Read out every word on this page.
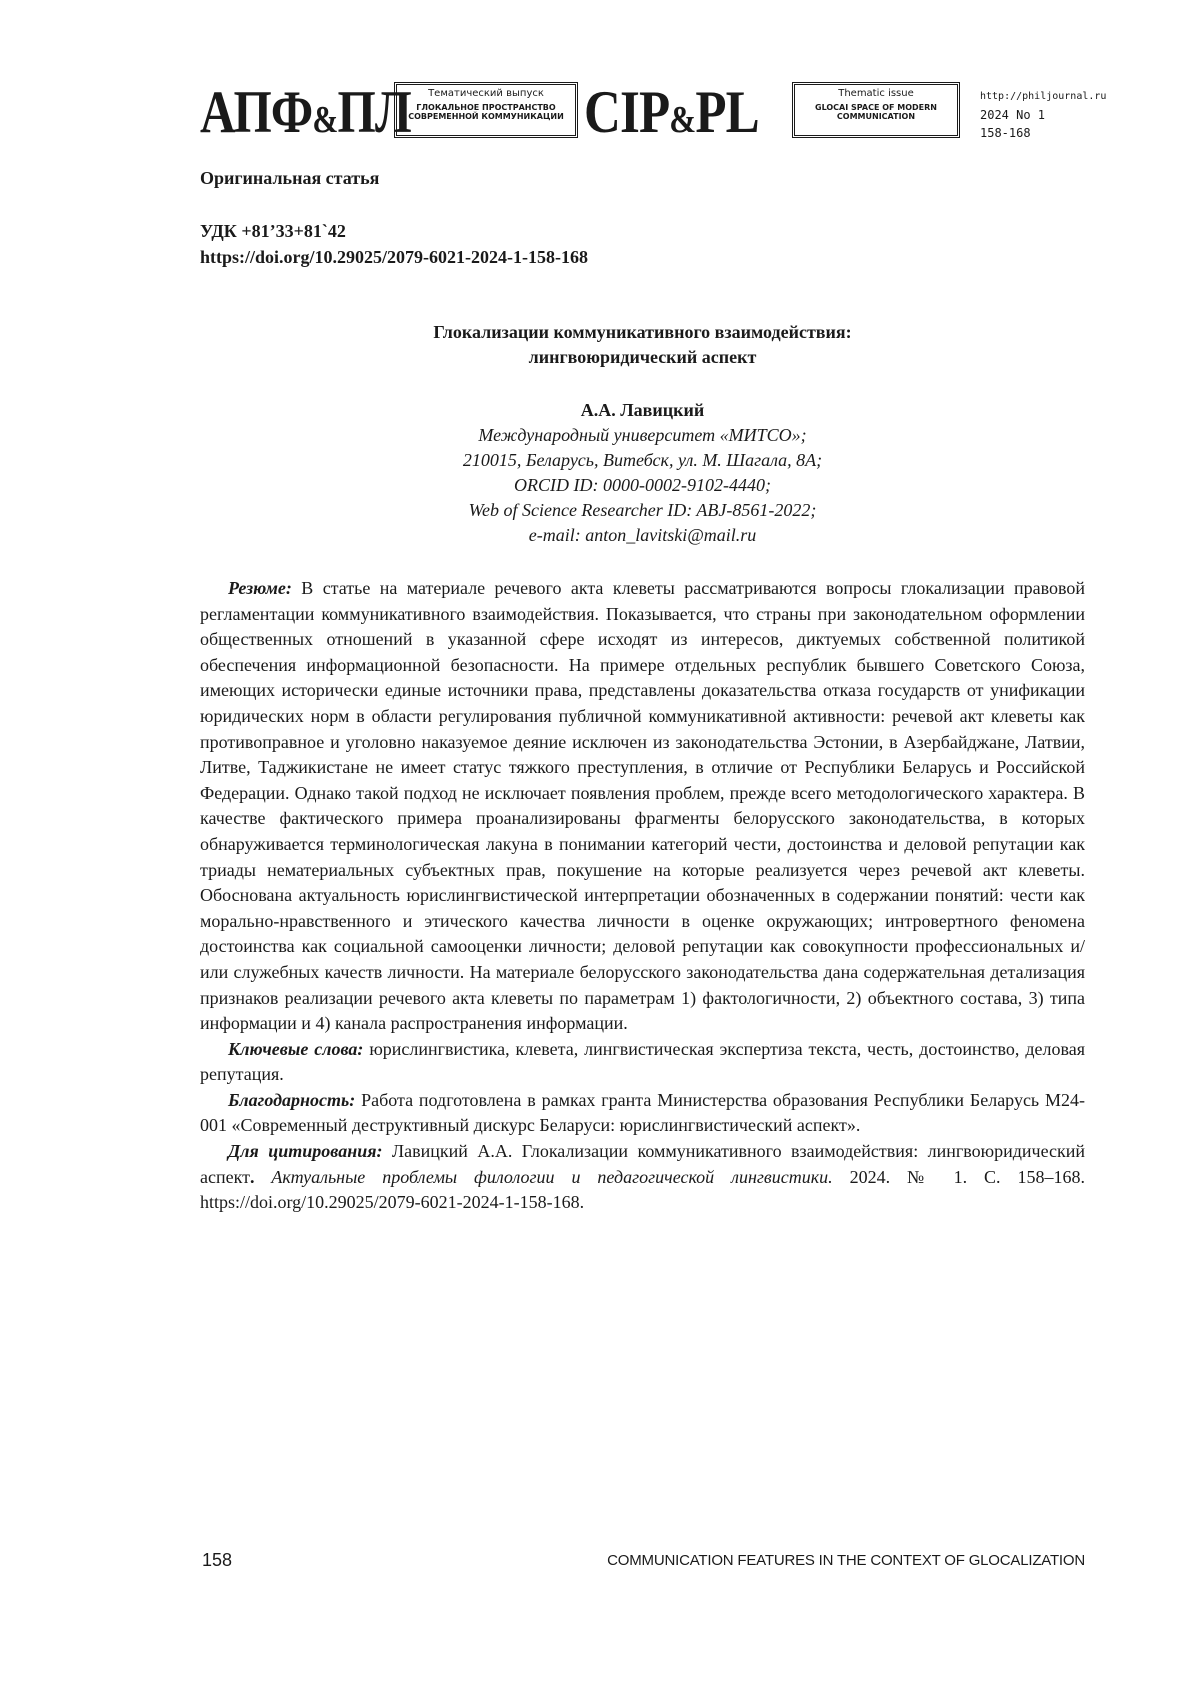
АПФ&ПЛ	Тематический выпуск
ГЛОКАЛЬНОЕ ПРОСТРАНСТВО СОВРЕМЕННОЙ КОММУНИКАЦИИ CIP&PL	Thematic issue
GLOCAI SPACE OF MODERN COMMUNICATION
http://philjournal.ru
2024 No 1
158-168
Оригинальная статья
УДК +81’33+81`42
https://doi.org/10.29025/2079-6021-2024-1-158-168
Глокализации коммуникативного взаимодействия:
лингвоюридический аспект
А.А. Лавицкий
Международный университет «МИТСО»;
210015, Беларусь, Витебск, ул. М. Шагала, 8А;
ORCID ID: 0000-0002-9102-4440;
Web of Science Researcher ID: ABJ-8561-2022;
e-mail: anton_lavitski@mail.ru

Резюме: В статье на материале речевого акта клеветы рассматриваются вопросы глокализации правовой регламентации коммуникативного взаимодействия. Показывается, что страны при законодательном оформлении общественных отношений в указанной сфере исходят из интересов, диктуемых собственной политикой обеспечения информационной безопасности. На примере отдельных республик бывшего Советского Союза, имеющих исторически единые источники права, представлены доказательства отказа государств от унификации юридических норм в области регулирования публичной коммуникативной активности: речевой акт клеветы как противоправное и уголовно наказуемое деяние исключен из законодательства Эстонии, в Азербайджане, Латвии, Литве, Таджикистане не имеет статус тяжкого преступления, в отличие от Республики Беларусь и Российской Федерации. Однако такой подход не исключает появления проблем, прежде всего методологического характера. В качестве фактического примера проанализированы фрагменты белорусского законодательства, в которых обнаруживается терминологическая лакуна в понимании категорий чести, достоинства и деловой репутации как триады нематериальных субъектных прав, покушение на которые реализуется через речевой акт клеветы. Обоснована актуальность юрислингвистической интерпретации обозначенных в содержании понятий: чести как морально-нравственного и этического качества личности в оценке окружающих; интровертного феномена достоинства как социальной самооценки личности; деловой репутации как совокупности профессиональных и/или служебных качеств личности. На материале белорусского законодательства дана содержательная детализация признаков реализации речевого акта клеветы по параметрам 1) фактологичности, 2) объектного состава, 3) типа информации и 4) канала распространения информации.

Ключевые слова: юрислингвистика, клевета, лингвистическая экспертиза текста, честь, достоинство, деловая репутация.

Благодарность: Работа подготовлена в рамках гранта Министерства образования Республики Беларусь М24-001 «Современный деструктивный дискурс Беларуси: юрислингвистический аспект».

Для цитирования: Лавицкий А.А. Глокализации коммуникативного взаимодействия: лингвоюридический аспект. Актуальные проблемы филологии и педагогической лингвистики. 2024. № 1. С. 158–168. https://doi.org/10.29025/2079-6021-2024-1-158-168.

158	COMMUNICATION FEATURES IN THE CONTEXT OF GLOCALIZATION
